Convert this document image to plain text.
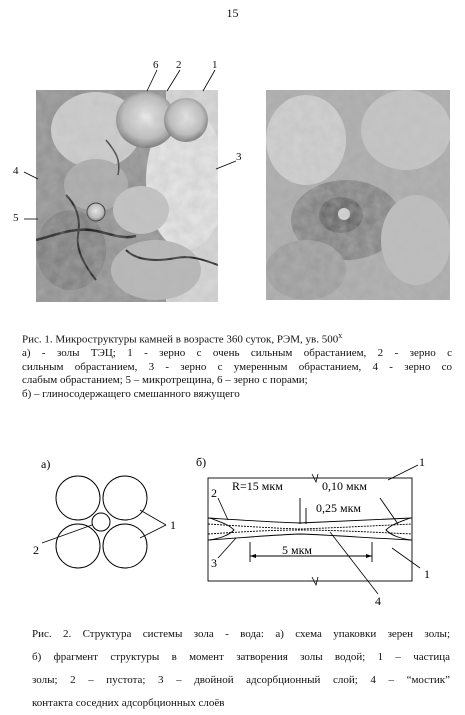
15
6 2	1
3
4
5
Рис. 1. Микроструктуры камней в возрасте 360 суток, РЭМ, ув. $500^х$
а) - золы ТЭЦ; 1 - зерно с очень сильным обрастанием, 2 - зерно с
сильным обрастанием, 3 - зерно с умеренным обрастанием, 4 - зерно со
слабым обрастанием; 5 – микротрещина, 6 – зерно с порами;
б) – глиносодержащего смешанного вяжущего
а)
2
1
б)
R=15 мкм	0,10 мкм
0,25 мкм
5 мкм
1
1
2
3
4
Рис. 2. Структура системы зола - вода: а) схема упаковки зерен золы;
б) фрагмент структуры в момент затворения золы водой; 1 – частица
золы; 2 – пустота; 3 – двойной адсорбционный слой; 4 – “мостик”
контакта соседних адсорбционных слоёв
